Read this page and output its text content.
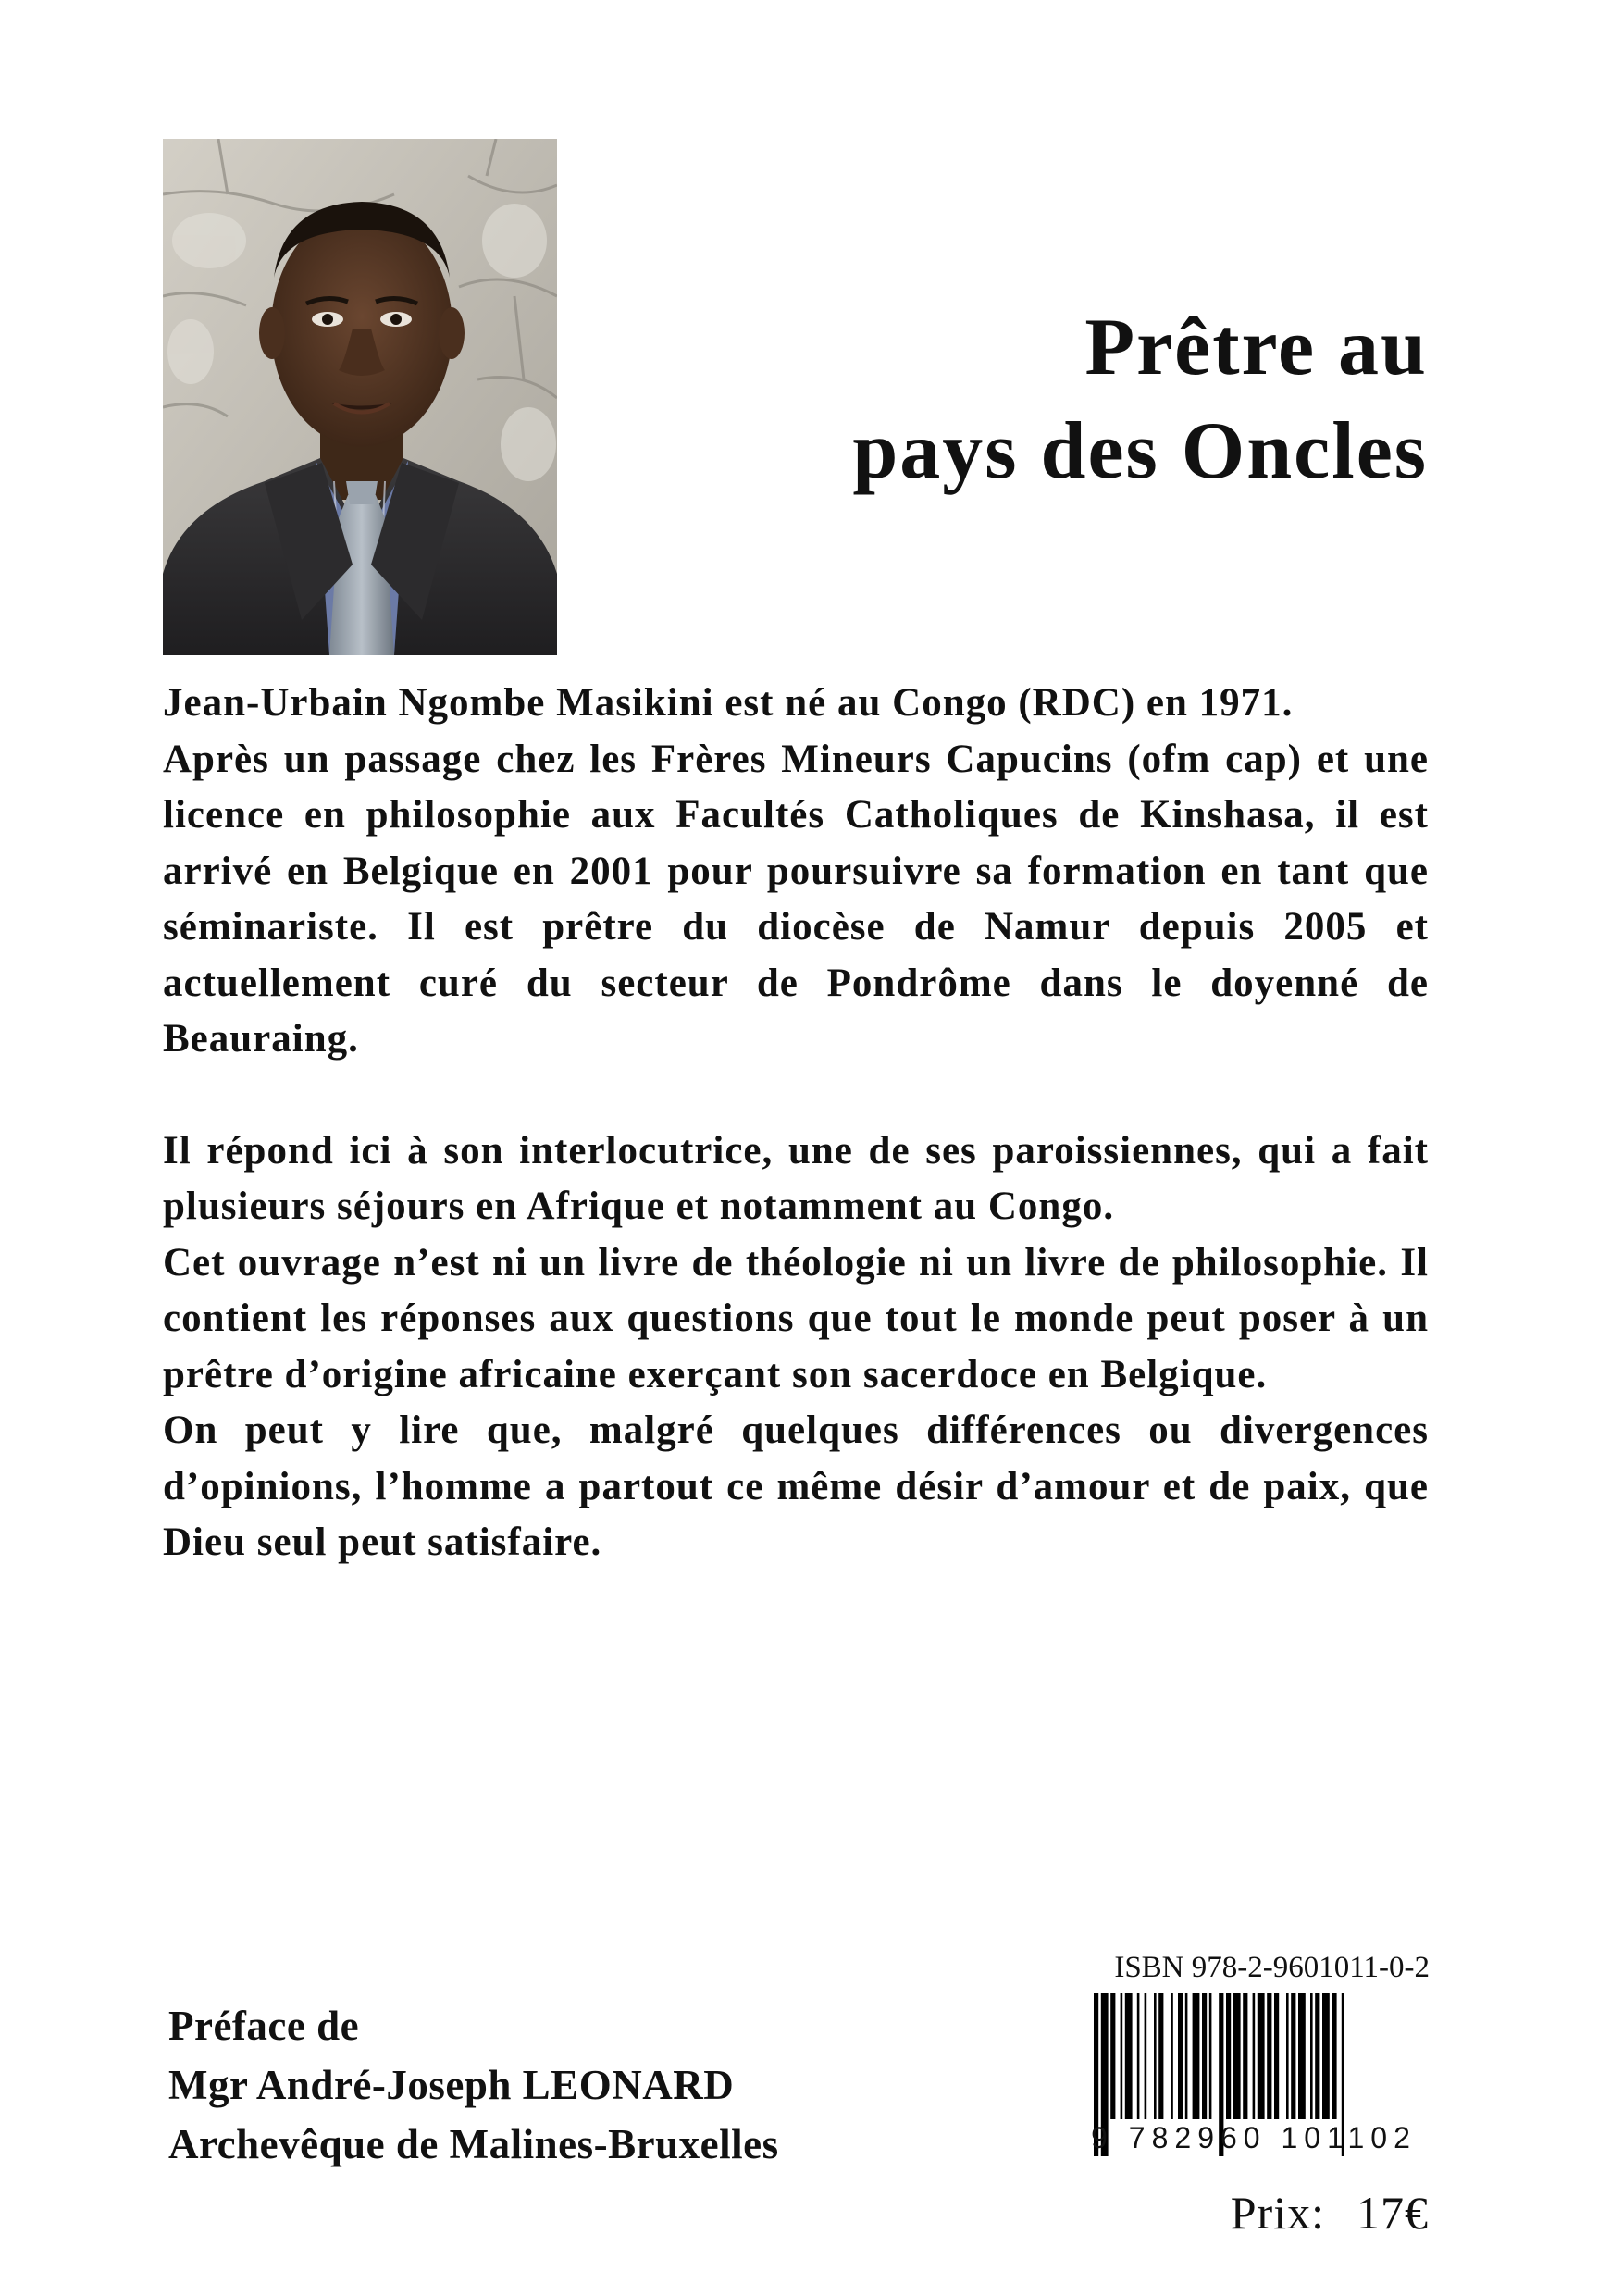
Prêtre au
pays des Oncles

Jean-Urbain Ngombe Masikini est né au Congo (RDC) en 1971.

Après un passage chez les Frères Mineurs Capucins (ofm cap) et une licence en philosophie aux Facultés Catholiques de Kinshasa, il est arrivé en Belgique en 2001 pour poursuivre sa formation en tant que séminariste. Il est prêtre du diocèse de Namur depuis 2005 et actuellement curé du secteur de Pondrôme dans le doyenné de Beauraing.

Il répond ici à son interlocutrice, une de ses paroissiennes, qui a fait plusieurs séjours en Afrique et notamment au Congo.

Cet ouvrage n’est ni un livre de théologie ni un livre de philosophie. Il contient les réponses aux questions que tout le monde peut poser à un prêtre d’origine africaine exerçant son sacerdoce en Belgique.

On peut y lire que, malgré quelques différences ou divergences d’opinions, l’homme a partout ce même désir d’amour et de paix, que Dieu seul peut satisfaire.

Préface de
Mgr André-Joseph LEONARD
Archevêque de Malines-Bruxelles
ISBN 978-2-9601011-0-2
9 782960 101102
Prix: 17€
